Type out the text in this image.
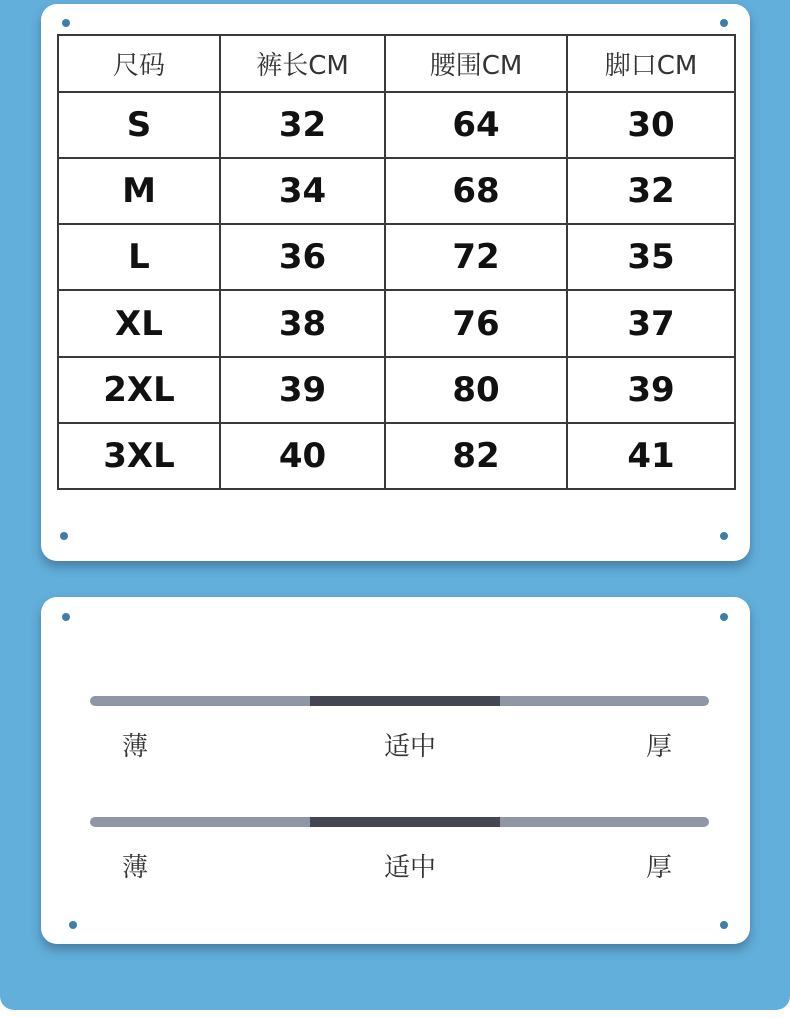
尺码	裤长CM	腰围CM	脚口CM
S	32	64	30
M	34	68	32
L	36	72	35
XL	38	76	37
2XL	39	80	39
3XL	40	82	41
薄	适中	厚
薄	适中	厚
